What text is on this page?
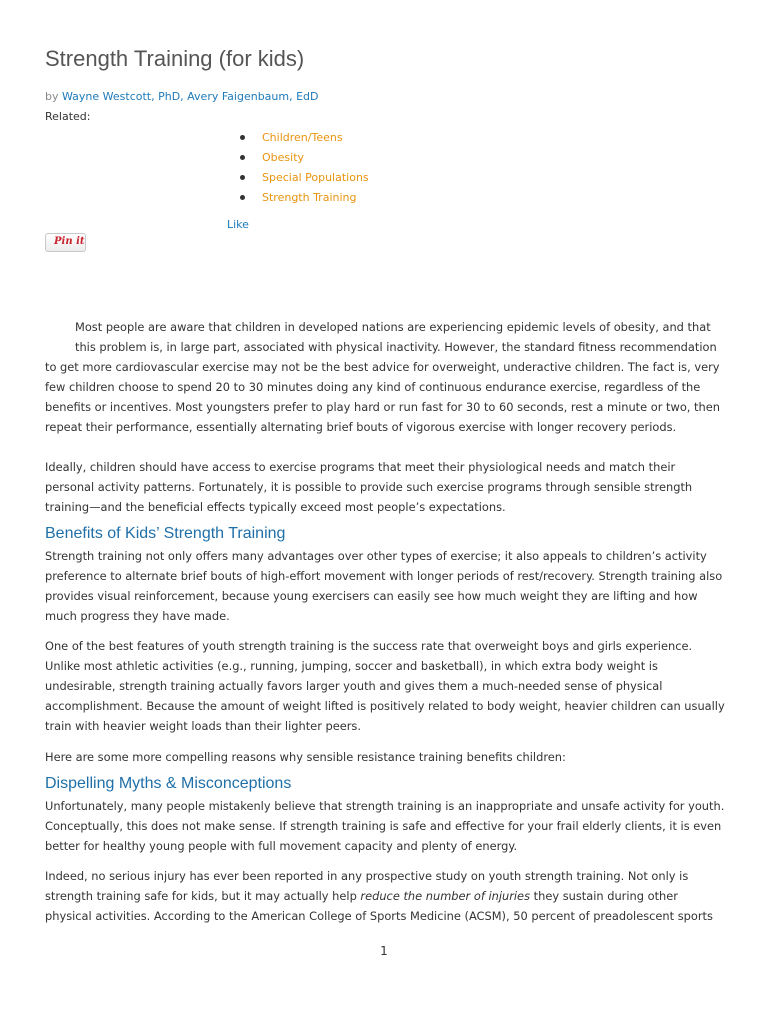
Strength Training (for kids)
by Wayne Westcott, PhD, Avery Faigenbaum, EdD
Related:
Children/Teens
Obesity
Special Populations
Strength Training
Like
Pin it
Most people are aware that children in developed nations are experiencing epidemic levels of obesity, and that
this problem is, in large part, associated with physical inactivity. However, the standard fitness recommendation
to get more cardiovascular exercise may not be the best advice for overweight, underactive children. The fact is, very few children choose to spend 20 to 30 minutes doing any kind of continuous endurance exercise, regardless of the benefits or incentives. Most youngsters prefer to play hard or run fast for 30 to 60 seconds, rest a minute or two, then repeat their performance, essentially alternating brief bouts of vigorous exercise with longer recovery periods.
Ideally, children should have access to exercise programs that meet their physiological needs and match their personal activity patterns. Fortunately, it is possible to provide such exercise programs through sensible strength training—and the beneficial effects typically exceed most people’s expectations.
Benefits of Kids’ Strength Training
Strength training not only offers many advantages over other types of exercise; it also appeals to children’s activity preference to alternate brief bouts of high-effort movement with longer periods of rest/recovery. Strength training also provides visual reinforcement, because young exercisers can easily see how much weight they are lifting and how much progress they have made.
One of the best features of youth strength training is the success rate that overweight boys and girls experience. Unlike most athletic activities (e.g., running, jumping, soccer and basketball), in which extra body weight is undesirable, strength training actually favors larger youth and gives them a much-needed sense of physical accomplishment. Because the amount of weight lifted is positively related to body weight, heavier children can usually train with heavier weight loads than their lighter peers.
Here are some more compelling reasons why sensible resistance training benefits children:
Dispelling Myths & Misconceptions
Unfortunately, many people mistakenly believe that strength training is an inappropriate and unsafe activity for youth. Conceptually, this does not make sense. If strength training is safe and effective for your frail elderly clients, it is even better for healthy young people with full movement capacity and plenty of energy.
Indeed, no serious injury has ever been reported in any prospective study on youth strength training. Not only is strength training safe for kids, but it may actually help reduce the number of injuries they sustain during other physical activities. According to the American College of Sports Medicine (ACSM), 50 percent of preadolescent sports
1
